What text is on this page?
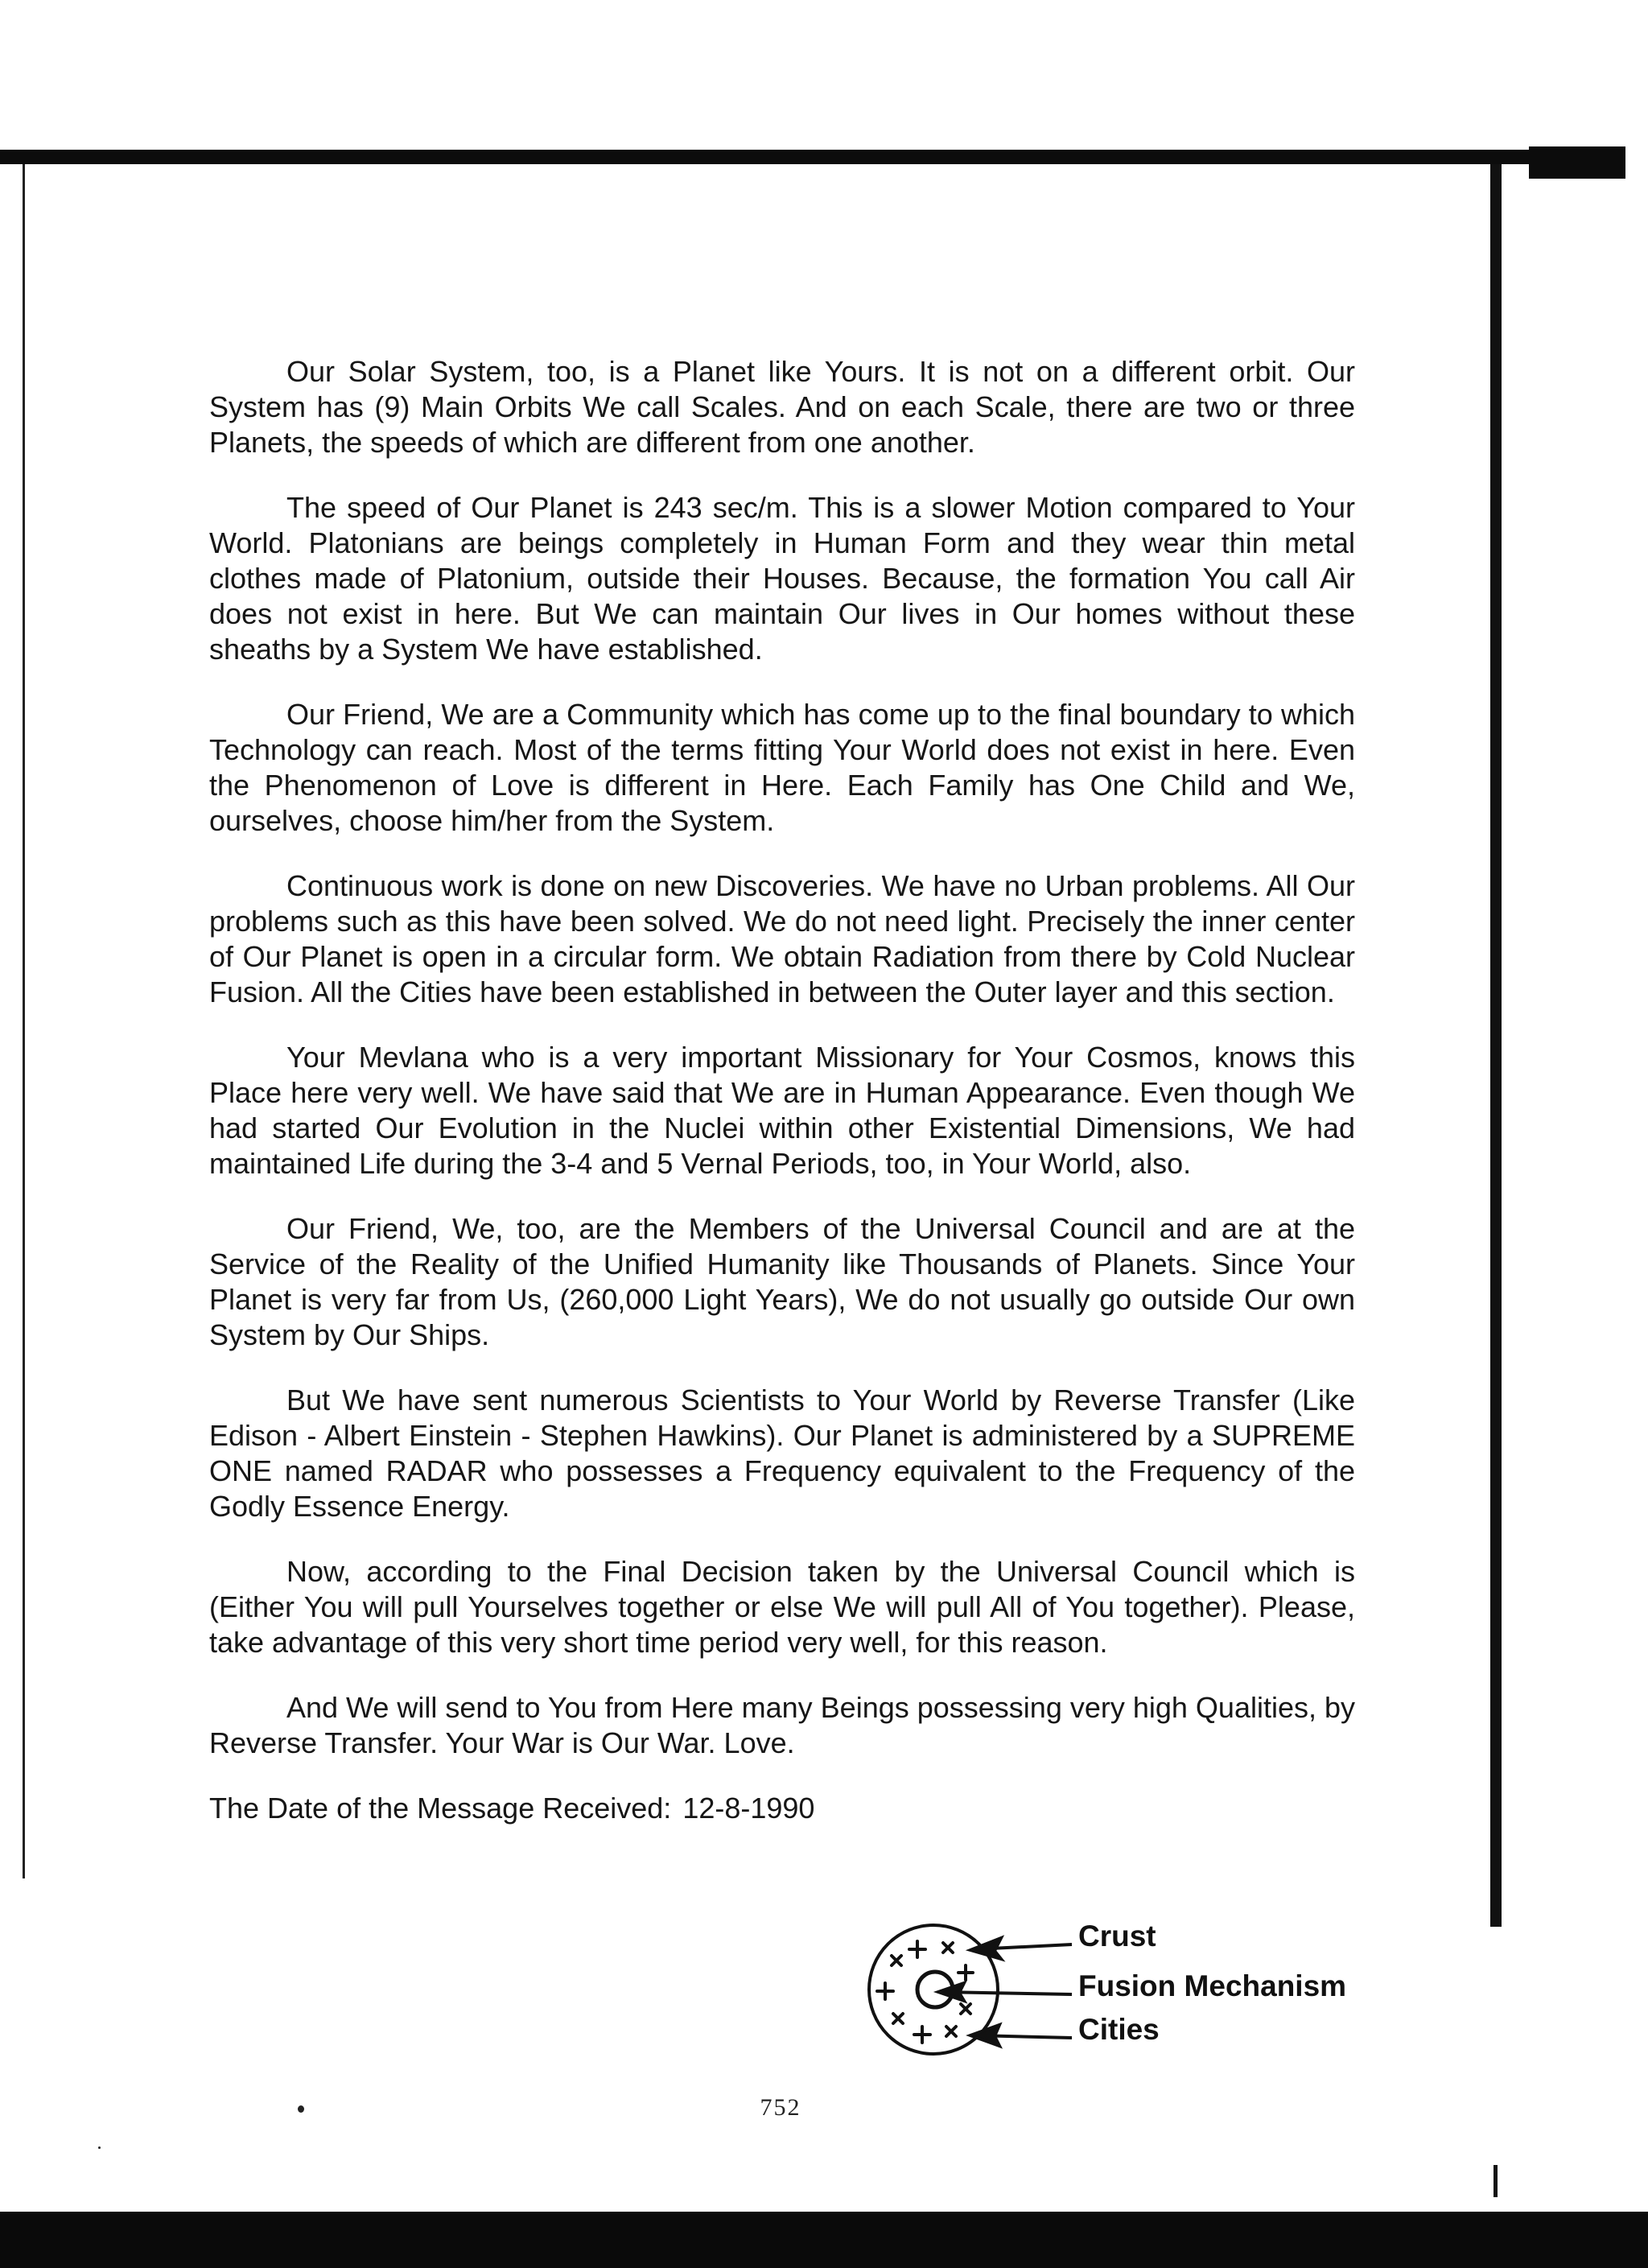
Our Solar System, too, is a Planet like Yours. It is not on a different orbit. Our System has (9) Main Orbits We call Scales. And on each Scale, there are two or three Planets, the speeds of which are different from one another.

The speed of Our Planet is 243 sec/m. This is a slower Motion compared to Your World. Platonians are beings completely in Human Form and they wear thin metal clothes made of Platonium, outside their Houses. Because, the formation You call Air does not exist in here. But We can maintain Our lives in Our homes without these sheaths by a System We have established.

Our Friend, We are a Community which has come up to the final boundary to which Technology can reach. Most of the terms fitting Your World does not exist in here. Even the Phenomenon of Love is different in Here. Each Family has One Child and We, ourselves, choose him/her from the System.

Continuous work is done on new Discoveries. We have no Urban problems. All Our problems such as this have been solved. We do not need light. Precisely the inner center of Our Planet is open in a circular form. We obtain Radiation from there by Cold Nuclear Fusion. All the Cities have been established in between the Outer layer and this section.

Your Mevlana who is a very important Missionary for Your Cosmos, knows this Place here very well. We have said that We are in Human Appearance. Even though We had started Our Evolution in the Nuclei within other Existential Dimensions, We had maintained Life during the 3-4 and 5 Vernal Periods, too, in Your World, also.

Our Friend, We, too, are the Members of the Universal Council and are at the Service of the Reality of the Unified Humanity like Thousands of Planets. Since Your Planet is very far from Us, (260,000 Light Years), We do not usually go outside Our own System by Our Ships.

But We have sent numerous Scientists to Your World by Reverse Transfer (Like Edison - Albert Einstein - Stephen Hawkins). Our Planet is administered by a SUPREME ONE named RADAR who possesses a Frequency equivalent to the Frequency of the Godly Essence Energy.

Now, according to the Final Decision taken by the Universal Council which is (Either You will pull Yourselves together or else We will pull All of You together). Please, take advantage of this very short time period very well, for this reason.

And We will send to You from Here many Beings possessing very high Qualities, by Reverse Transfer. Your War is Our War. Love.

The Date of the Message Received: 12-8-1990

Crust
Fusion Mechanism
Cities
752
